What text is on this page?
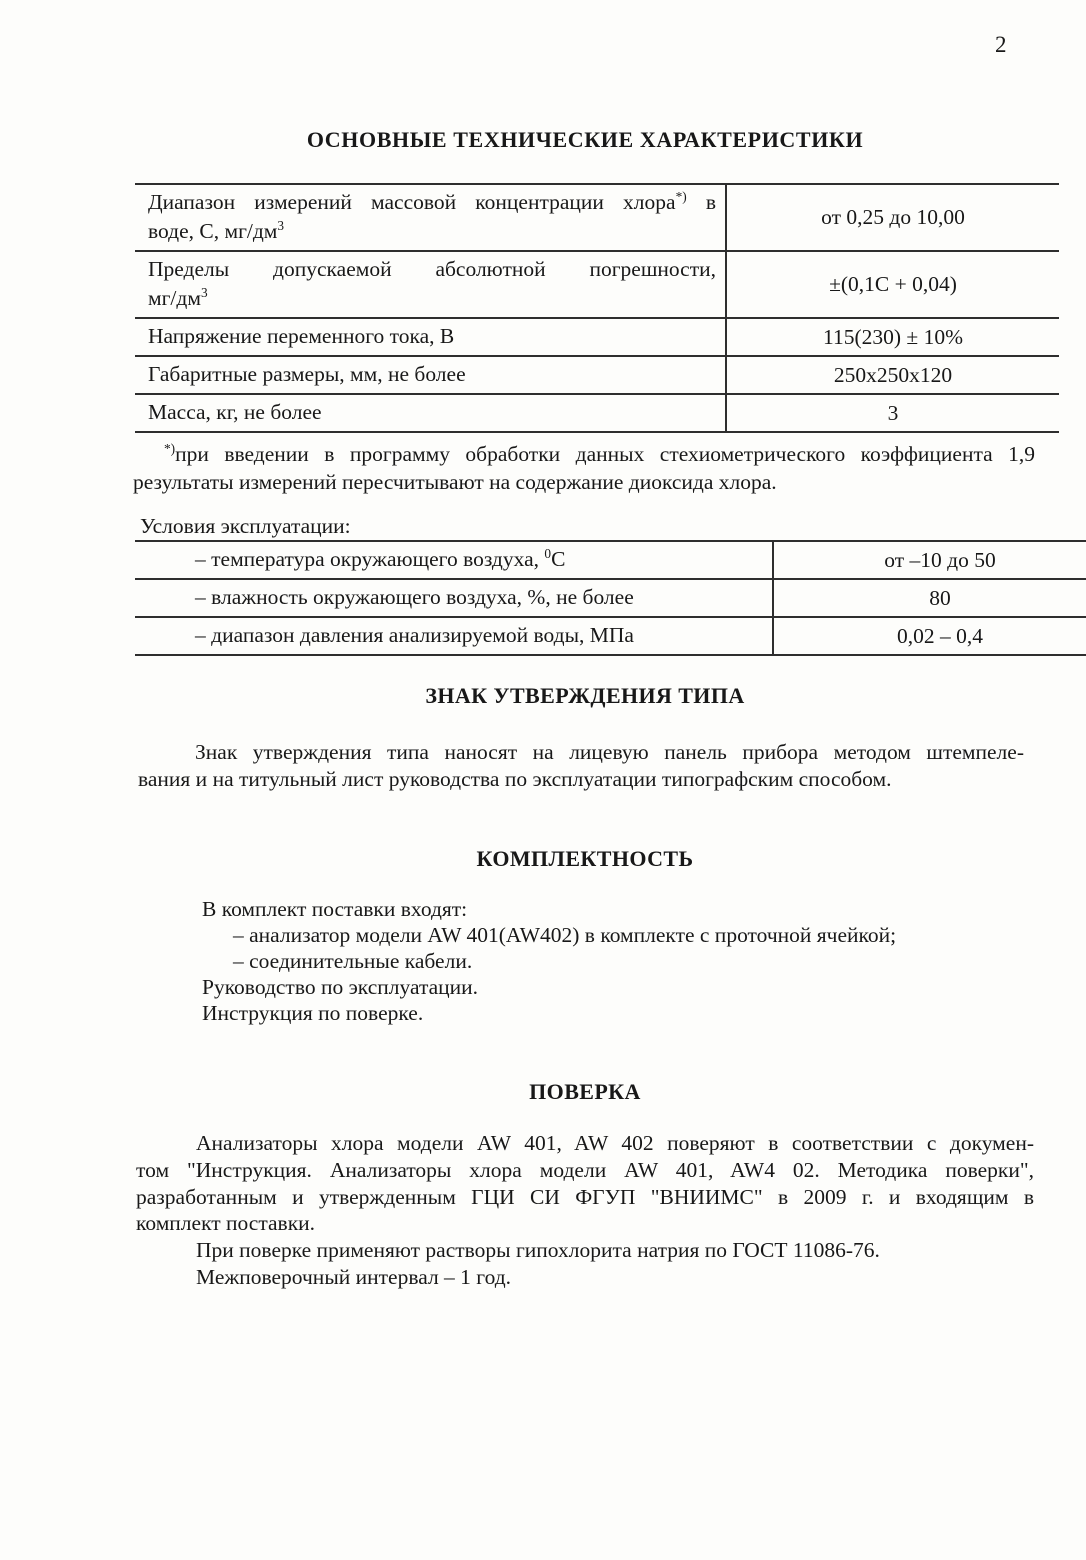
2
ОСНОВНЫЕ ТЕХНИЧЕСКИЕ ХАРАКТЕРИСТИКИ
Диапазон измерений массовой концентрации хлора*) в
воде, С, $мг/дм^3$	от 0,25 до 10,00

Пределы допускаемой абсолютной погрешности,
$мг/дм^3$	±(0,1С + 0,04)
Напряжение переменного тока, В	115(230) ± 10%
Габаритные размеры, мм, не более	250x250x120
Масса, кг, не более	3

*)при введении в программу обработки данных стехиометрического коэффициента 1,9 результаты измерений пересчитывают на содержание диоксида хлора.

Условия эксплуатации:
– температура окружающего воздуха, $^0$С	от –10 до 50
– влажность окружающего воздуха, %, не более	80
– диапазон давления анализируемой воды, МПа	0,02 – 0,4
ЗНАК УТВЕРЖДЕНИЯ ТИПА

Знак утверждения типа наносят на лицевую панель прибора методом штемпеле-
вания и на титульный лист руководства по эксплуатации типографским способом.

КОМПЛЕКТНОСТЬ
В комплект поставки входят:
– анализатор модели AW 401(AW402) в комплекте с проточной ячейкой;
– соединительные кабели.
Руководство по эксплуатации.
Инструкция по поверке.
ПОВЕРКА
Анализаторы хлора модели AW 401, AW 402 поверяют в соответствии с докумен-
том "Инструкция. Анализаторы хлора модели AW 401, AW4 02. Методика поверки",
разработанным и утвержденным ГЦИ СИ ФГУП "ВНИИМС" в 2009 г. и входящим в
комплект поставки.
При поверке применяют растворы гипохлорита натрия по ГОСТ 11086-76.
Межповерочный интервал – 1 год.
